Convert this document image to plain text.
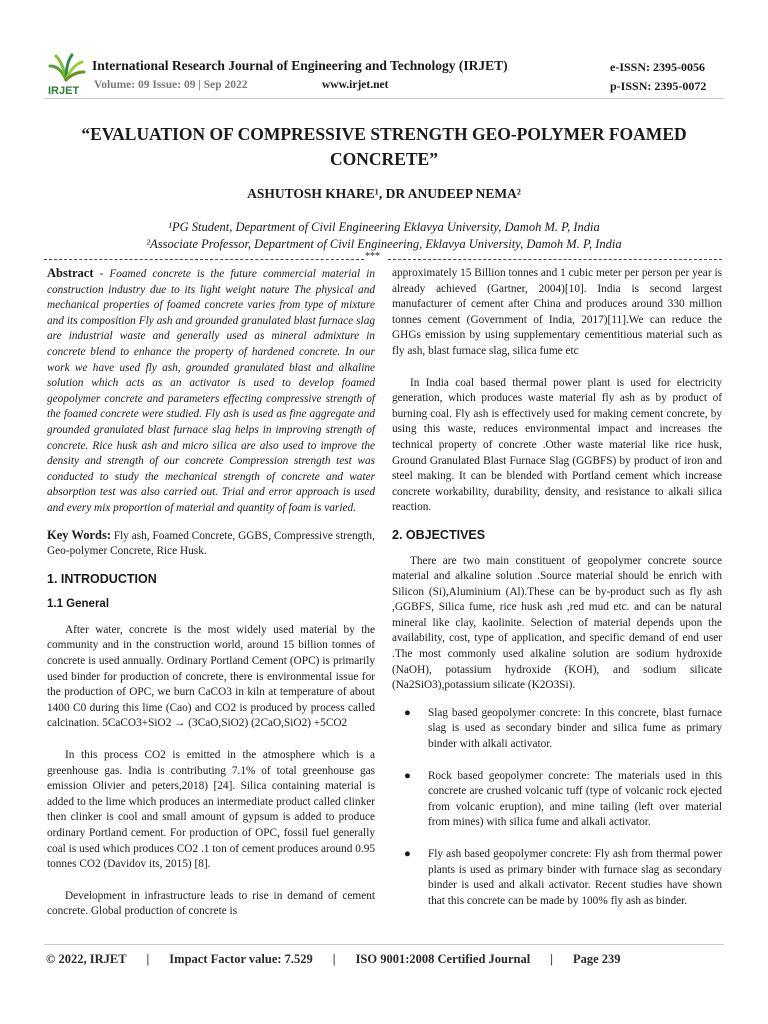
IRJET
International Research Journal of Engineering and Technology (IRJET)	e-ISSN: 2395-0056
Volume: 09 Issue: 09 | Sep 2022	www.irjet.net	p-ISSN: 2395-0072
“EVALUATION OF COMPRESSIVE STRENGTH GEO-POLYMER FOAMED CONCRETE”
ASHUTOSH KHARE¹, DR ANUDEEP NEMA²
¹PG Student, Department of Civil Engineering Eklavya University, Damoh M. P, India
²Associate Professor, Department of Civil Engineering, Eklavya University, Damoh M. P, India
***

Abstract - Foamed concrete is the future commercial material in construction industry due to its light weight nature The physical and mechanical properties of foamed concrete varies from type of mixture and its composition Fly ash and grounded granulated blast furnace slag are industrial waste and generally used as mineral admixture in concrete blend to enhance the property of hardened concrete. In our work we have used fly ash, grounded granulated blast and alkaline solution which acts as an activator is used to develop foamed geopolymer concrete and parameters effecting compressive strength of the foamed concrete were studied. Fly ash is used as fine aggregate and grounded granulated blast furnace slag helps in improving strength of concrete. Rice husk ash and micro silica are also used to improve the density and strength of our concrete Compression strength test was conducted to study the mechanical strength of concrete and water absorption test was also carried out. Trial and error approach is used and every mix proportion of material and quantity of foam is varied.

Key Words: Fly ash, Foamed Concrete, GGBS, Compressive strength, Geo-polymer Concrete, Rice Husk.

1. INTRODUCTION
1.1 General

After water, concrete is the most widely used material by the community and in the construction world, around 15 billion tonnes of concrete is used annually. Ordinary Portland Cement (OPC) is primarily used binder for production of concrete, there is environmental issue for the production of OPC, we burn CaCO3 in kiln at temperature of about 1400 C0 during this lime (Cao) and CO2 is produced by process called calcination. 5CaCO3+SiO2 → (3CaO,SiO2) (2CaO,SiO2) +5CO2

In this process CO2 is emitted in the atmosphere which is a greenhouse gas. India is contributing 7.1% of total greenhouse gas emission Olivier and peters,2018) [24]. Silica containing material is added to the lime which produces an intermediate product called clinker then clinker is cool and small amount of gypsum is added to produce ordinary Portland cement. For production of OPC, fossil fuel generally coal is used which produces CO2 .1 ton of cement produces around 0.95 tonnes CO2 (Davidov its, 2015) [8].

Development in infrastructure leads to rise in demand of cement concrete. Global production of concrete is

approximately 15 Billion tonnes and 1 cubic meter per person per year is already achieved (Gartner, 2004)[10]. India is second largest manufacturer of cement after China and produces around 330 million tonnes cement (Government of India, 2017)[11].We can reduce the GHGs emission by using supplementary cementitious material such as fly ash, blast furnace slag, silica fume etc

In India coal based thermal power plant is used for electricity generation, which produces waste material fly ash as by product of burning coal. Fly ash is effectively used for making cement concrete, by using this waste, reduces environmental impact and increases the technical property of concrete .Other waste material like rice husk, Ground Granulated Blast Furnace Slag (GGBFS) by product of iron and steel making. It can be blended with Portland cement which increase concrete workability, durability, density, and resistance to alkali silica reaction.

2. OBJECTIVES

There are two main constituent of geopolymer concrete source material and alkaline solution .Source material should be enrich with Silicon (Si),Aluminium (Al).These can be by-product such as fly ash ,GGBFS, Silica fume, rice husk ash ,red mud etc. and can be natural mineral like clay, kaolinite. Selection of material depends upon the availability, cost, type of application, and specific demand of end user .The most commonly used alkaline solution are sodium hydroxide (NaOH), potassium hydroxide (KOH), and sodium silicate (Na2SiO3),potassium silicate (K2O3Si).

● Slag based geopolymer concrete: In this concrete, blast furnace slag is used as secondary binder and silica fume as primary binder with alkali activator.
● Rock based geopolymer concrete: The materials used in this concrete are crushed volcanic tuff (type of volcanic rock ejected from volcanic eruption), and mine tailing (left over material from mines) with silica fume and alkali activator.
● Fly ash based geopolymer concrete: Fly ash from thermal power plants is used as primary binder with furnace slag as secondary binder is used and alkali activator. Recent studies have shown that this concrete can be made by 100% fly ash as binder.
© 2022, IRJET | Impact Factor value: 7.529 | ISO 9001:2008 Certified Journal | Page 239
